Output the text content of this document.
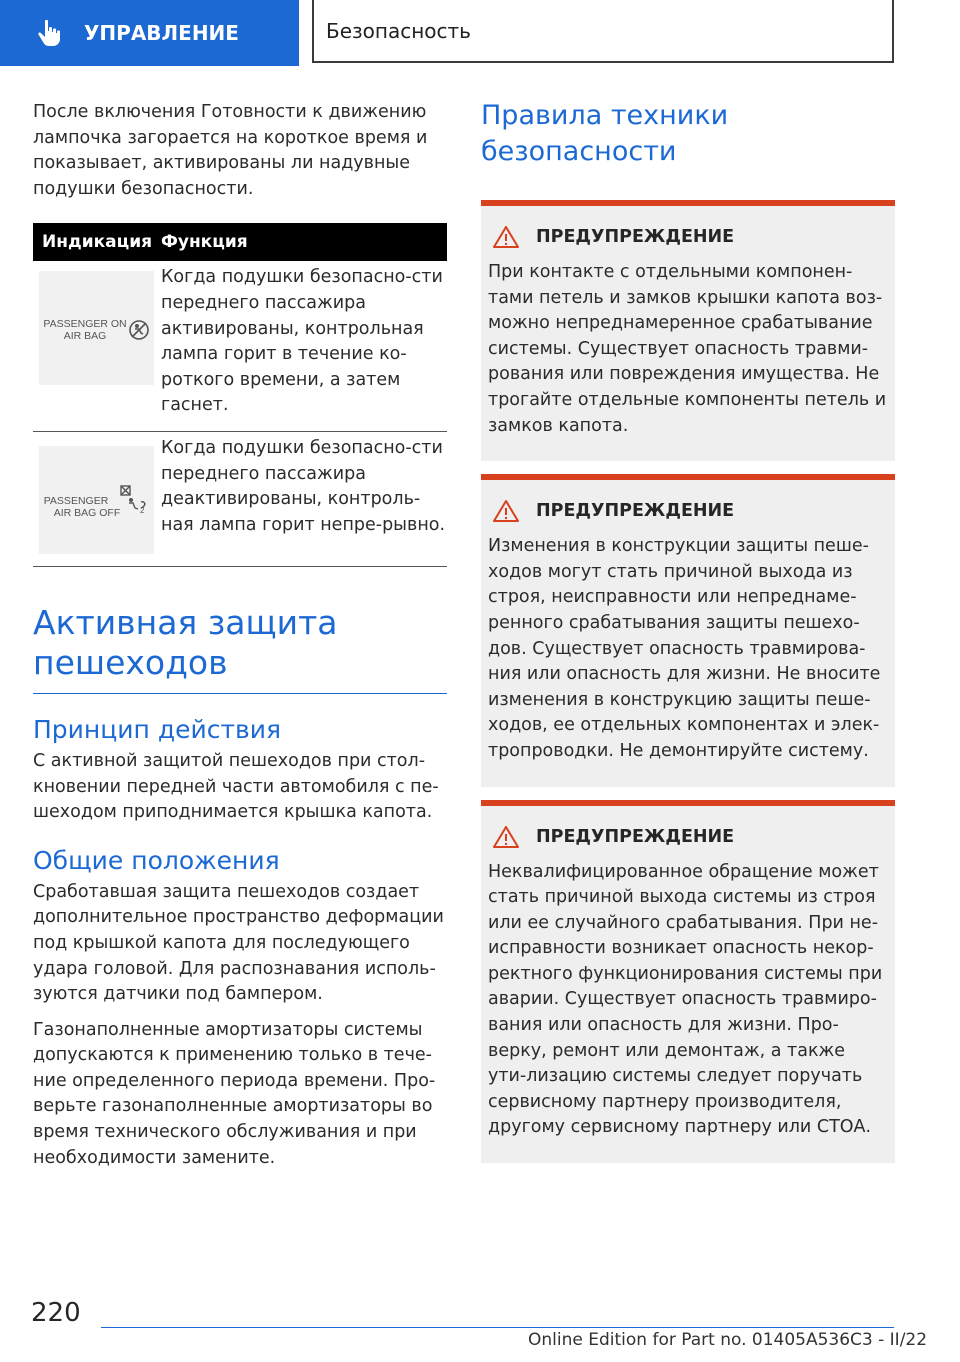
УПРАВЛЕНИЕ	Безопасность

После включения Готовности к движению лампочка загорается на короткое время и показывает, активированы ли надувные подушки безопасности.

Индикация	Функция

PASSENGER ON
AIR BAG	Когда подушки безопасно-сти переднего пассажира активированы, контрольная лампа горит в течение ко-роткого времени, а затем гаснет.

PASSENGER
AIR BAG OFF 2	Когда подушки безопасно-сти переднего пассажира деактивированы, контроль-ная лампа горит непре-рывно.
Активная защита пешеходов
Принцип действия

С активной защитой пешеходов при стол-кновении передней части автомобиля с пе-шеходом приподнимается крышка капота.

Общие положения

Сработавшая защита пешеходов создает дополнительное пространство деформации под крышкой капота для последующего удара головой. Для распознавания исполь-зуются датчики под бампером.

Газонаполненные амортизаторы системы допускаются к применению только в тече-ние определенного периода времени. Про-верьте газонаполненные амортизаторы во время технического обслуживания и при необходимости замените.

Правила техники безопасности
ПРЕДУПРЕЖДЕНИЕ

При контакте с отдельными компонен-тами петель и замков крышки капота воз-можно непреднамеренное срабатывание системы. Существует опасность травми-рования или повреждения имущества. Не трогайте отдельные компоненты петель и замков капота.

ПРЕДУПРЕЖДЕНИЕ

Изменения в конструкции защиты пеше-ходов могут стать причиной выхода из строя, неисправности или непреднаме-ренного срабатывания защиты пешехо-дов. Существует опасность травмирова-ния или опасность для жизни. Не вносите изменения в конструкцию защиты пеше-ходов, ее отдельных компонентах и элек-тропроводки. Не демонтируйте систему.

ПРЕДУПРЕЖДЕНИЕ

Неквалифицированное обращение может стать причиной выхода системы из строя или ее случайного срабатывания. При не-исправности возникает опасность некор-ректного функционирования системы при аварии. Существует опасность травмиро-вания или опасность для жизни. Про-верку, ремонт или демонтаж, а также ути-лизацию системы следует поручать сервисному партнеру производителя, другому сервисному партнеру или СТОА.

220
Online Edition for Part no. 01405A536C3 - II/22
